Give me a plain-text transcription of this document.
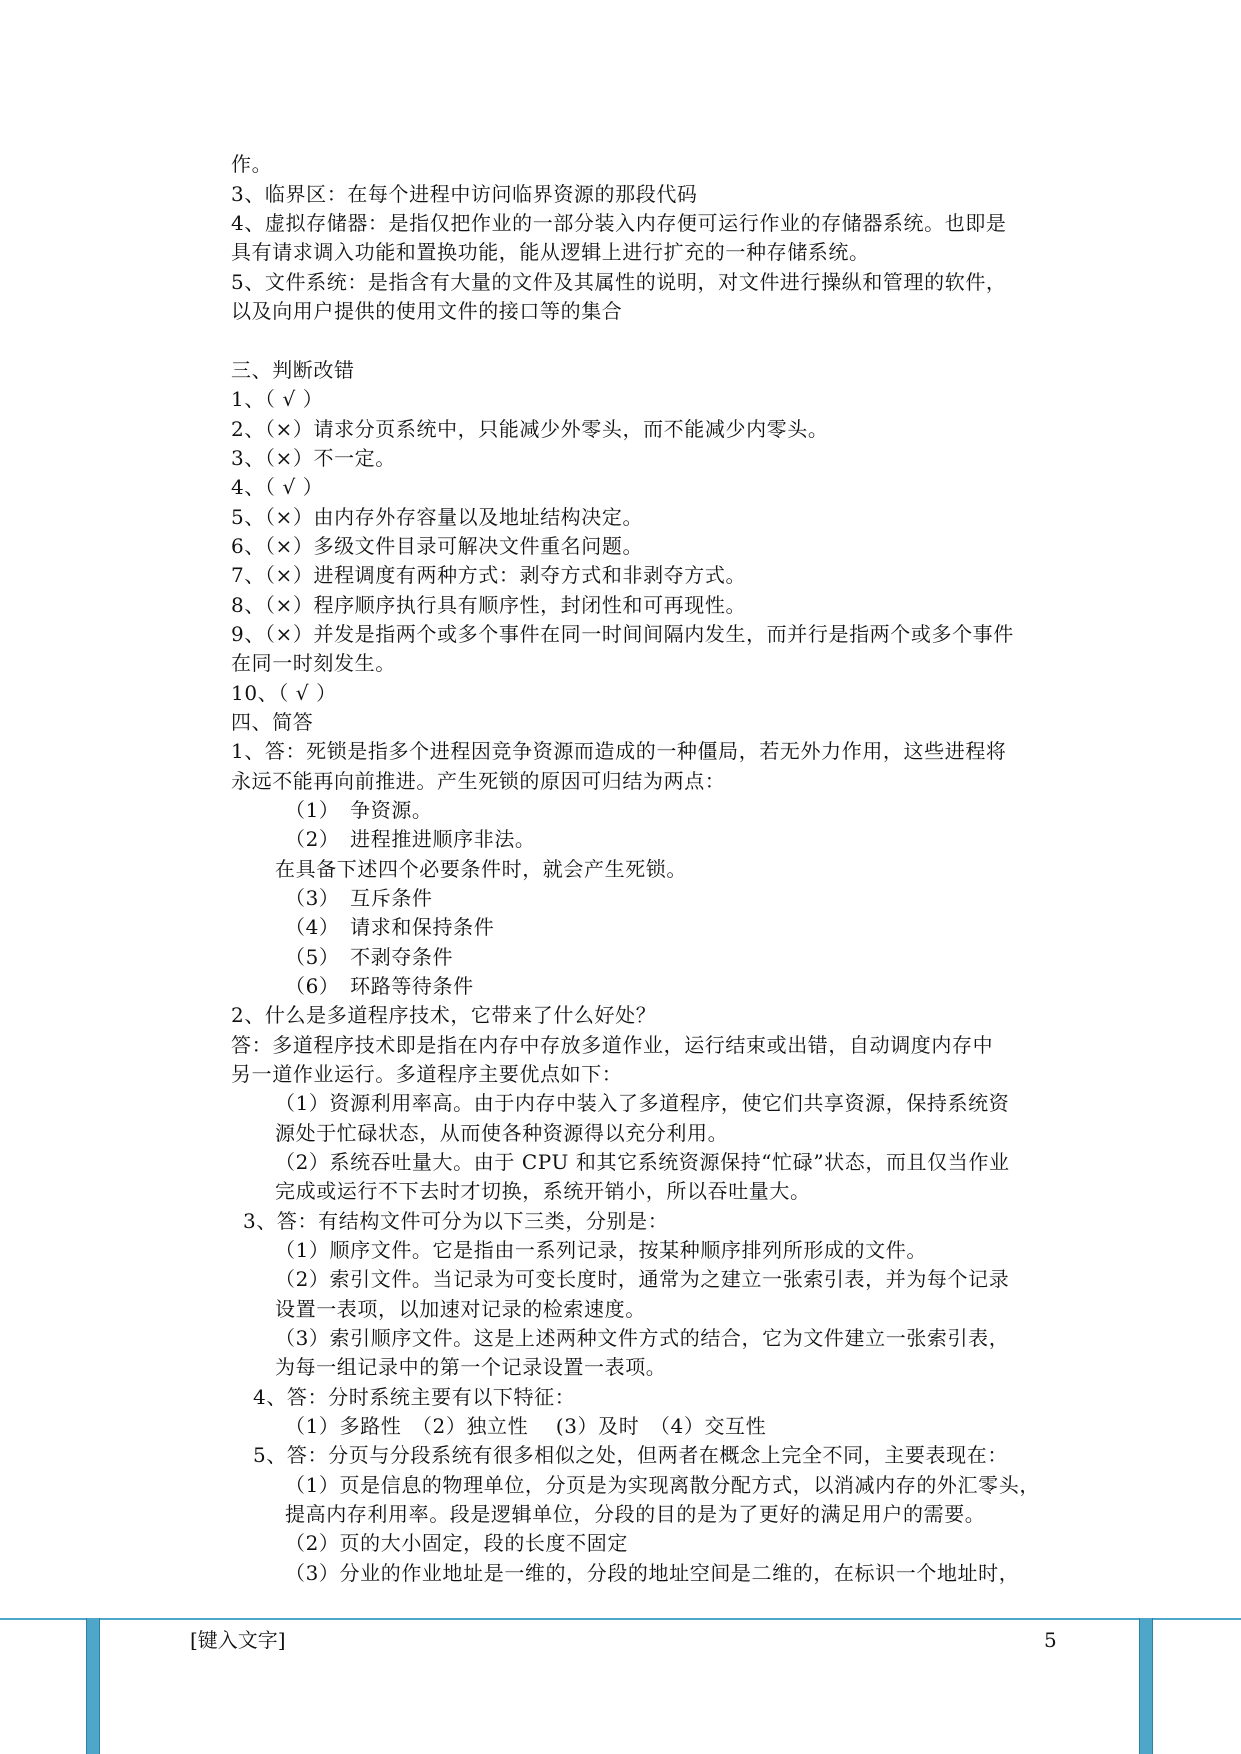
作。
3、临界区：在每个进程中访问临界资源的那段代码
4、虚拟存储器：是指仅把作业的一部分装入内存便可运行作业的存储器系统。也即是
具有请求调入功能和置换功能，能从逻辑上进行扩充的一种存储系统。
5、文件系统：是指含有大量的文件及其属性的说明，对文件进行操纵和管理的软件，
以及向用户提供的使用文件的接口等的集合
三、判断改错
1、（ √ ）
2、（×）请求分页系统中，只能减少外零头，而不能减少内零头。
3、（×）不一定。
4、（ √ ）
5、（×）由内存外存容量以及地址结构决定。
6、（×）多级文件目录可解决文件重名问题。
7、（×）进程调度有两种方式：剥夺方式和非剥夺方式。
8、（×）程序顺序执行具有顺序性，封闭性和可再现性。
9、（×）并发是指两个或多个事件在同一时间间隔内发生，而并行是指两个或多个事件
在同一时刻发生。
10、（ √ ）
四、简答
1、答：死锁是指多个进程因竞争资源而造成的一种僵局，若无外力作用，这些进程将
永远不能再向前推进。产生死锁的原因可归结为两点：
（1）　争资源。
（2）　进程推进顺序非法。
在具备下述四个必要条件时，就会产生死锁。
（3）　互斥条件
（4）　请求和保持条件
（5）　不剥夺条件
（6）　环路等待条件
2、什么是多道程序技术，它带来了什么好处？
答：多道程序技术即是指在内存中存放多道作业，运行结束或出错，自动调度内存中
另一道作业运行。多道程序主要优点如下：
（1）资源利用率高。由于内存中装入了多道程序，使它们共享资源，保持系统资
源处于忙碌状态，从而使各种资源得以充分利用。
（2）系统吞吐量大。由于 CPU 和其它系统资源保持“忙碌”状态，而且仅当作业
完成或运行不下去时才切换，系统开销小，所以吞吐量大。
3、答：有结构文件可分为以下三类，分别是：
（1）顺序文件。它是指由一系列记录，按某种顺序排列所形成的文件。
（2）索引文件。当记录为可变长度时，通常为之建立一张索引表，并为每个记录
设置一表项，以加速对记录的检索速度。
（3）索引顺序文件。这是上述两种文件方式的结合，它为文件建立一张索引表，
为每一组记录中的第一个记录设置一表项。
4、答：分时系统主要有以下特征：
（1）多路性　（2）独立性　 (3）及时　（4）交互性
5、答：分页与分段系统有很多相似之处，但两者在概念上完全不同，主要表现在：
（1）页是信息的物理单位，分页是为实现离散分配方式，以消减内存的外汇零头，
提高内存利用率。段是逻辑单位，分段的目的是为了更好的满足用户的需要。
（2）页的大小固定，段的长度不固定
（3）分业的作业地址是一维的，分段的地址空间是二维的，在标识一个地址时，
[键入文字]	5
